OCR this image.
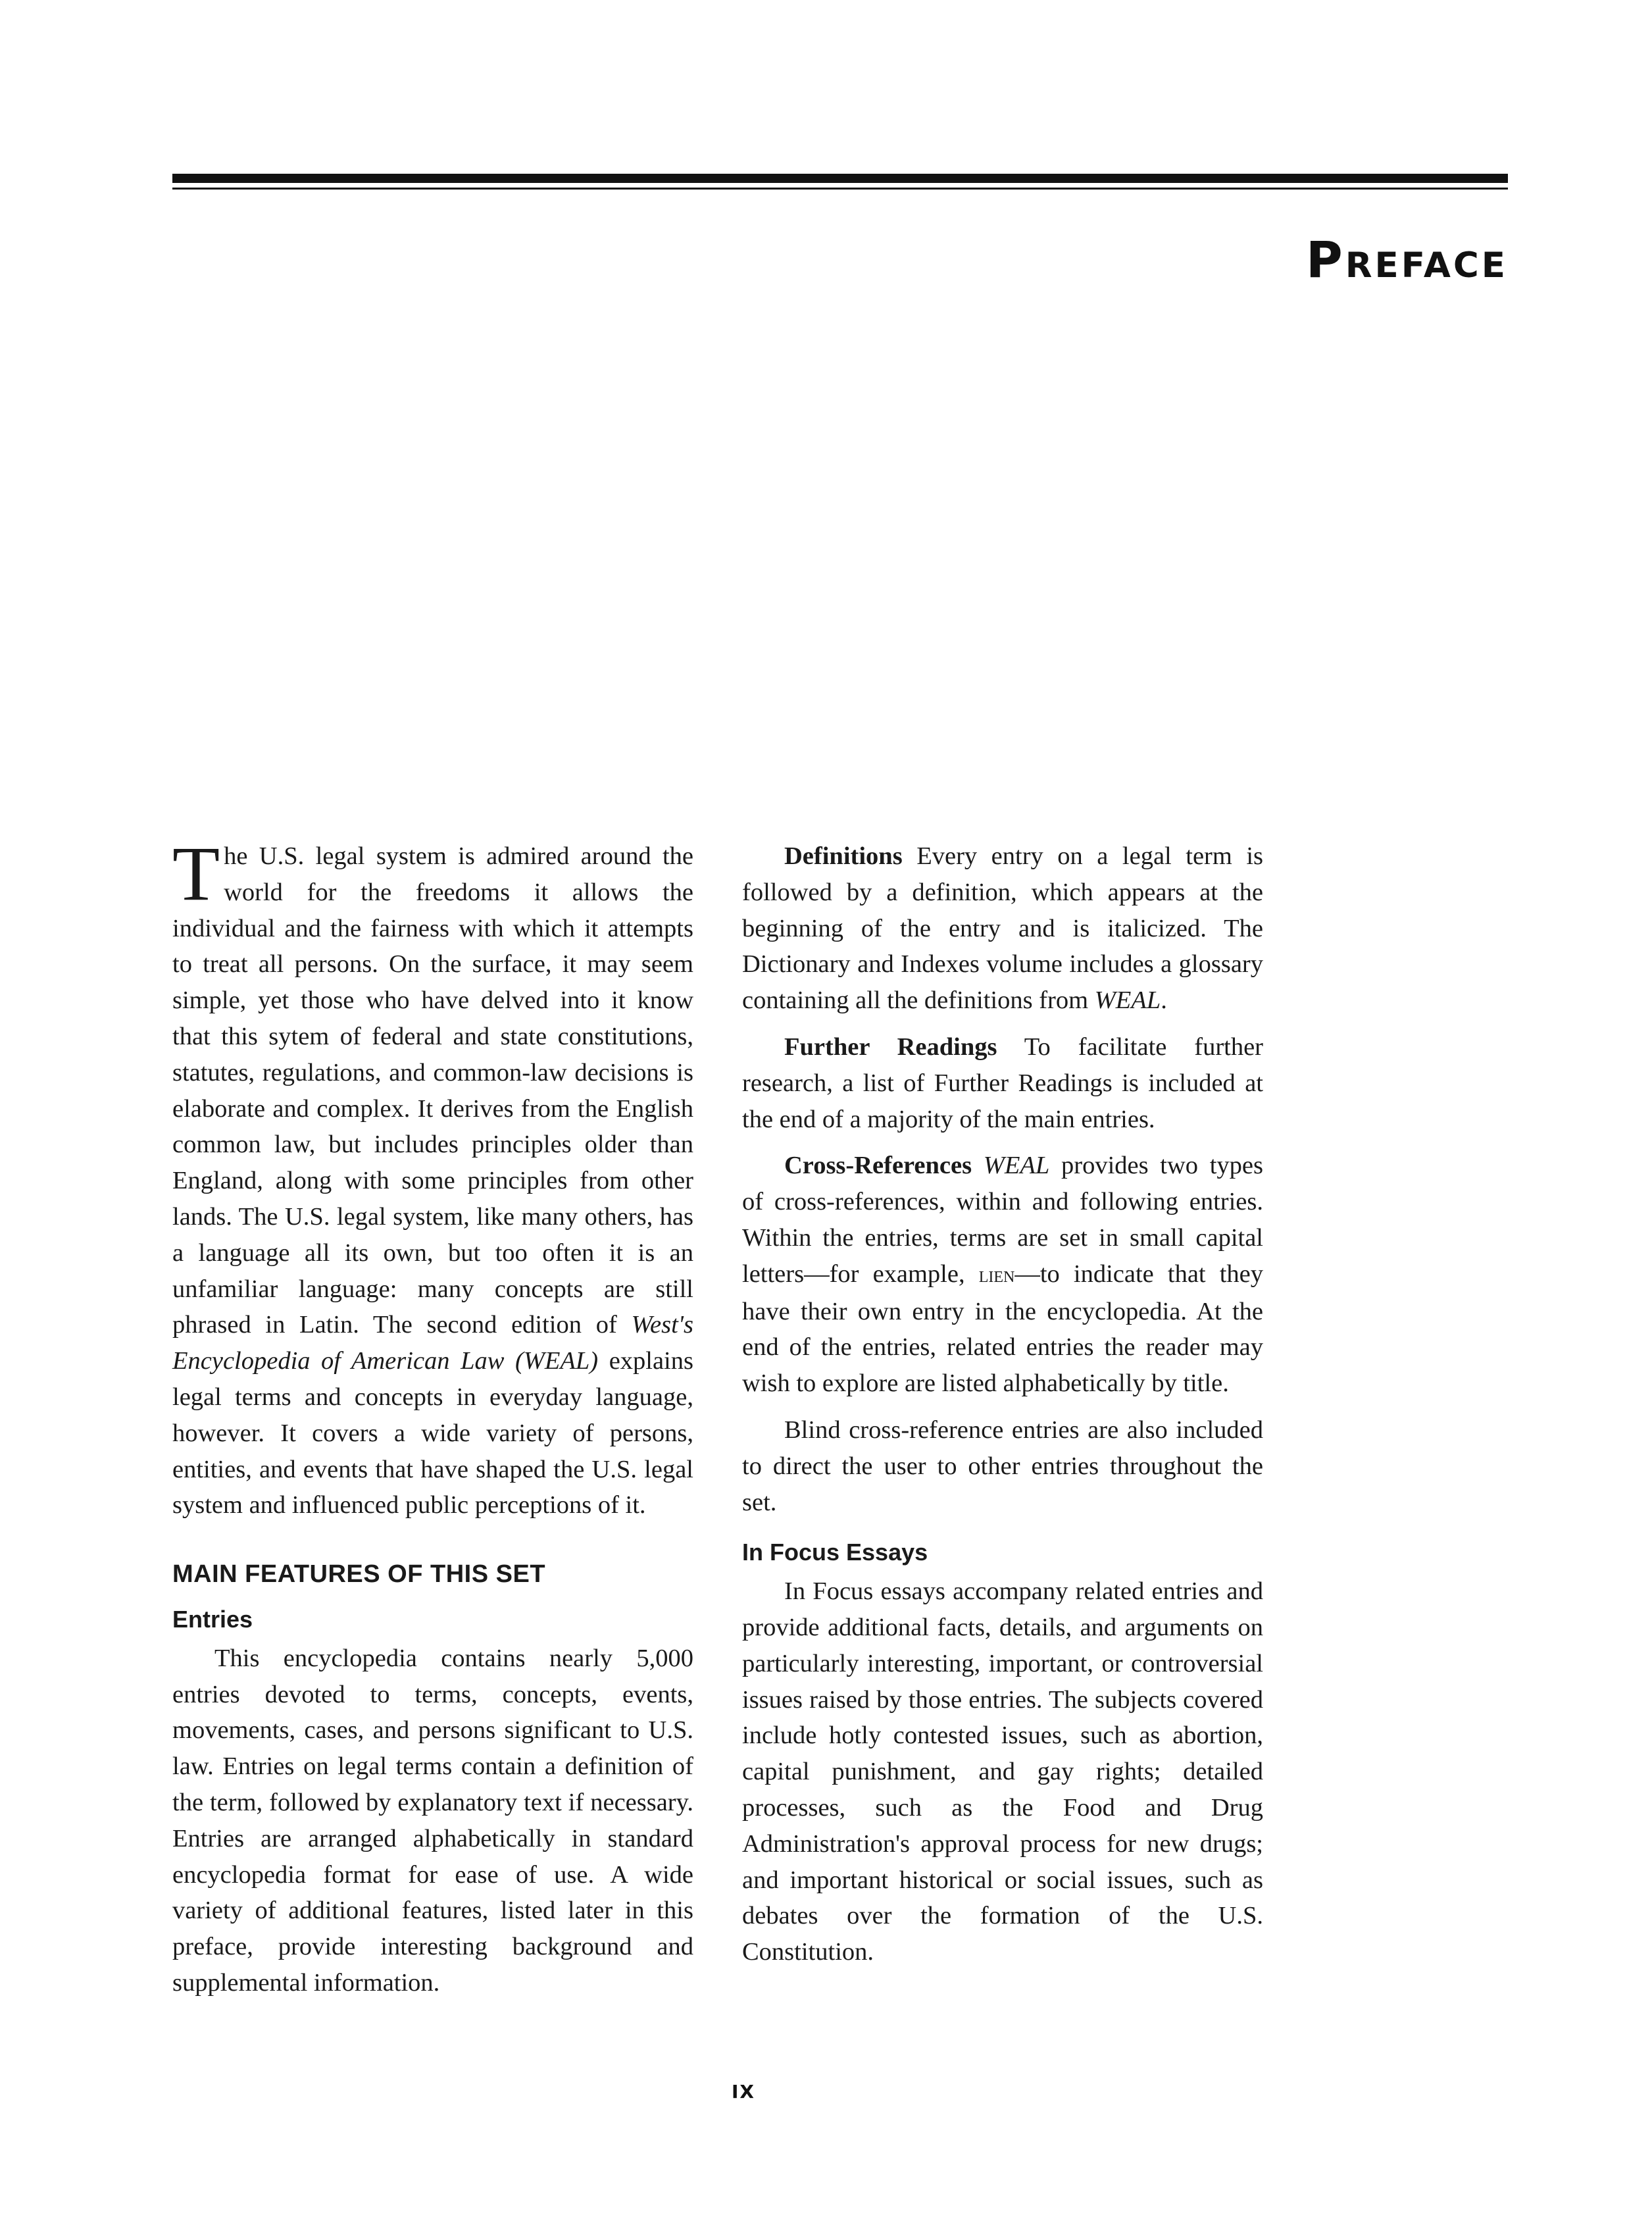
Preface

The U.S. legal system is admired around the world for the freedoms it allows the individual and the fairness with which it attempts to treat all persons. On the surface, it may seem simple, yet those who have delved into it know that this sytem of federal and state constitutions, statutes, regulations, and common-law decisions is elaborate and complex. It derives from the English common law, but includes principles older than England, along with some principles from other lands. The U.S. legal system, like many others, has a language all its own, but too often it is an unfamiliar language: many concepts are still phrased in Latin. The second edition of West's Encyclopedia of American Law (WEAL) explains legal terms and concepts in everyday language, however. It covers a wide variety of persons, entities, and events that have shaped the U.S. legal system and influenced public perceptions of it.

MAIN FEATURES OF THIS SET
Entries

This encyclopedia contains nearly 5,000 entries devoted to terms, concepts, events, movements, cases, and persons significant to U.S. law. Entries on legal terms contain a definition of the term, followed by explanatory text if necessary. Entries are arranged alphabetically in standard encyclopedia format for ease of use. A wide variety of additional features, listed later in this preface, provide interesting background and supplemental information.

Definitions Every entry on a legal term is followed by a definition, which appears at the beginning of the entry and is italicized. The Dictionary and Indexes volume includes a glossary containing all the definitions from WEAL.

Further Readings To facilitate further research, a list of Further Readings is included at the end of a majority of the main entries.

Cross-References WEAL provides two types of cross-references, within and following entries. Within the entries, terms are set in small capital letters—for example, lien—to indicate that they have their own entry in the encyclopedia. At the end of the entries, related entries the reader may wish to explore are listed alphabetically by title.

Blind cross-reference entries are also included to direct the user to other entries throughout the set.

In Focus Essays

In Focus essays accompany related entries and provide additional facts, details, and arguments on particularly interesting, important, or controversial issues raised by those entries. The subjects covered include hotly contested issues, such as abortion, capital punishment, and gay rights; detailed processes, such as the Food and Drug Administration's approval process for new drugs; and important historical or social issues, such as debates over the formation of the U.S. Constitution.

IX
